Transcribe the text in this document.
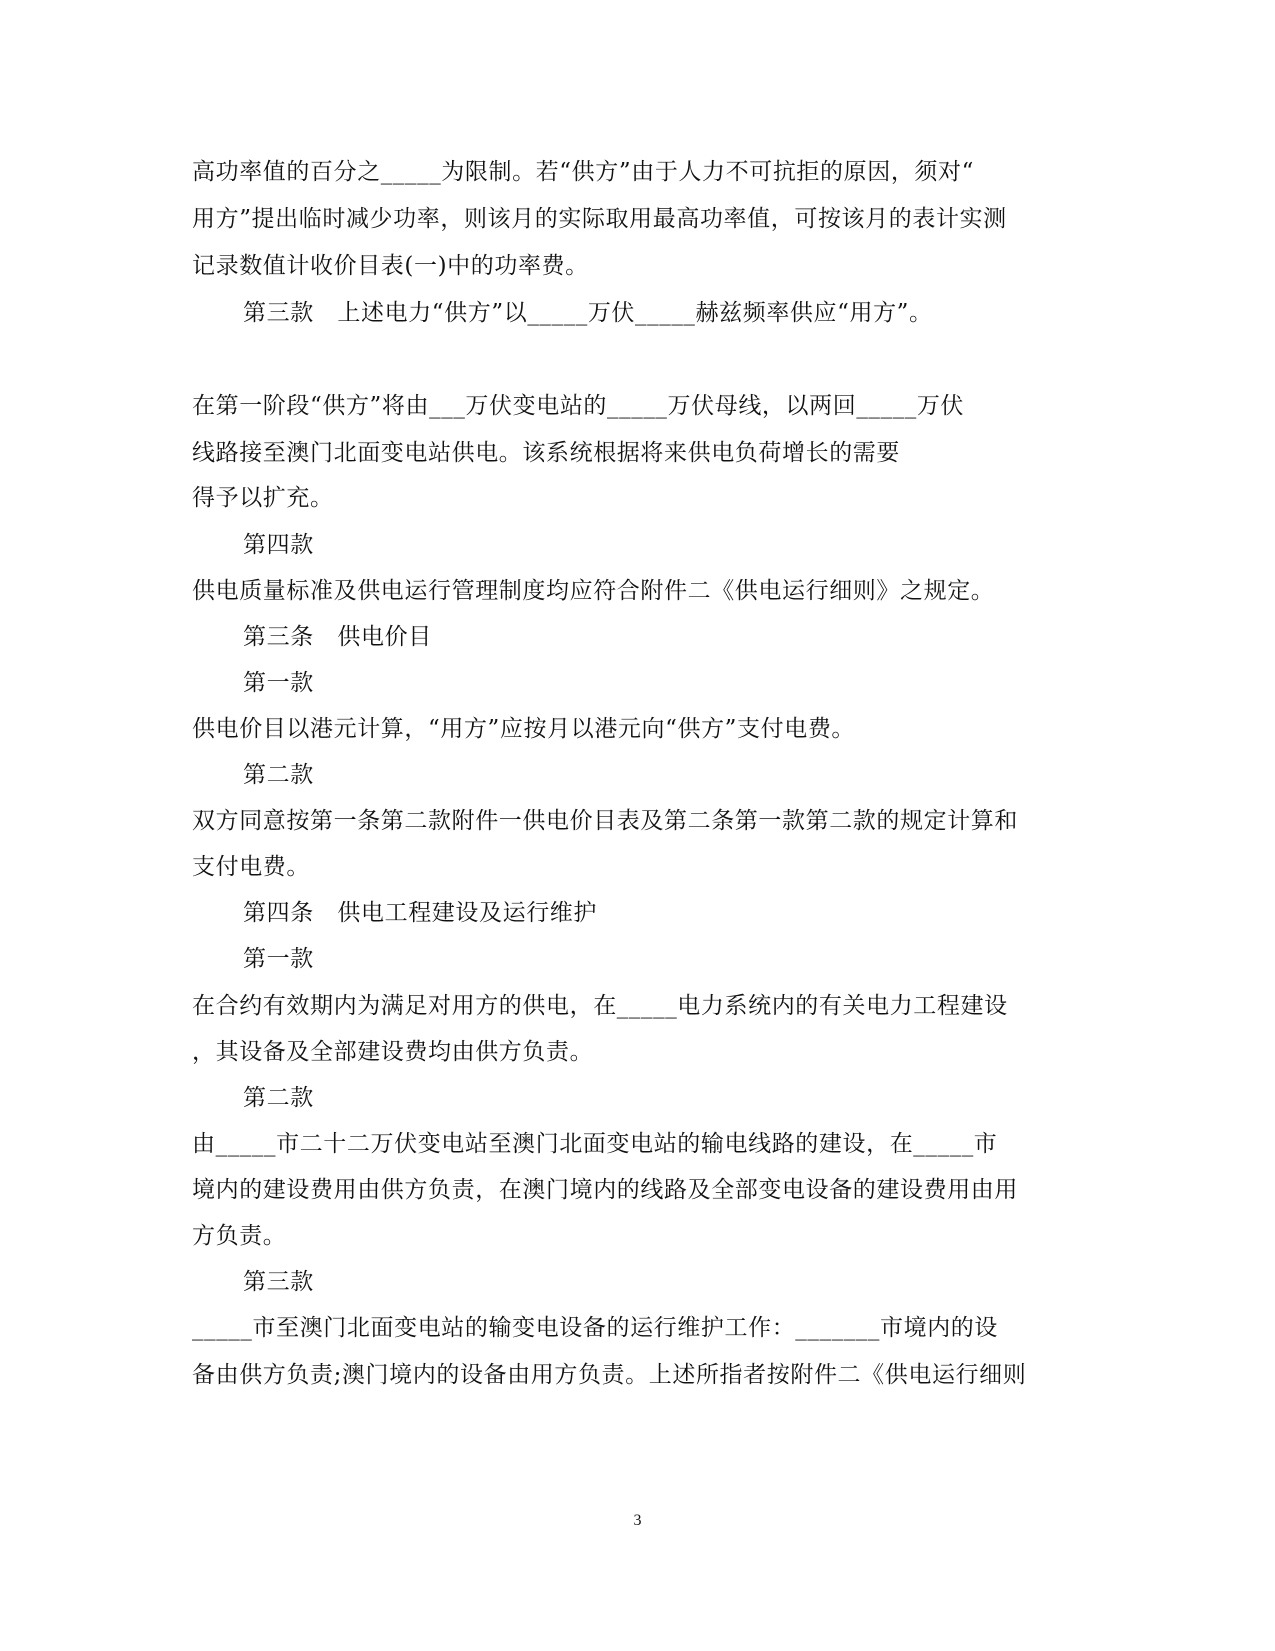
高功率值的百分之_____为限制。若“供方”由于人力不可抗拒的原因，须对“
用方”提出临时减少功率，则该月的实际取用最高功率值，可按该月的表计实测
记录数值计收价目表(一)中的功率费。
第三款　上述电力“供方”以_____万伏_____赫兹频率供应“用方”。
在第一阶段“供方”将由___万伏变电站的_____万伏母线，以两回_____万伏
线路接至澳门北面变电站供电。该系统根据将来供电负荷增长的需要
得予以扩充。
第四款
供电质量标准及供电运行管理制度均应符合附件二《供电运行细则》之规定。
第三条　供电价目
第一款
供电价目以港元计算，“用方”应按月以港元向“供方”支付电费。
第二款
双方同意按第一条第二款附件一供电价目表及第二条第一款第二款的规定计算和
支付电费。
第四条　供电工程建设及运行维护
第一款
在合约有效期内为满足对用方的供电，在_____电力系统内的有关电力工程建设
，其设备及全部建设费均由供方负责。
第二款
由_____市二十二万伏变电站至澳门北面变电站的输电线路的建设，在_____市
境内的建设费用由供方负责，在澳门境内的线路及全部变电设备的建设费用由用
方负责。
第三款
_____市至澳门北面变电站的输变电设备的运行维护工作：_______市境内的设
备由供方负责;澳门境内的设备由用方负责。上述所指者按附件二《供电运行细则
3
